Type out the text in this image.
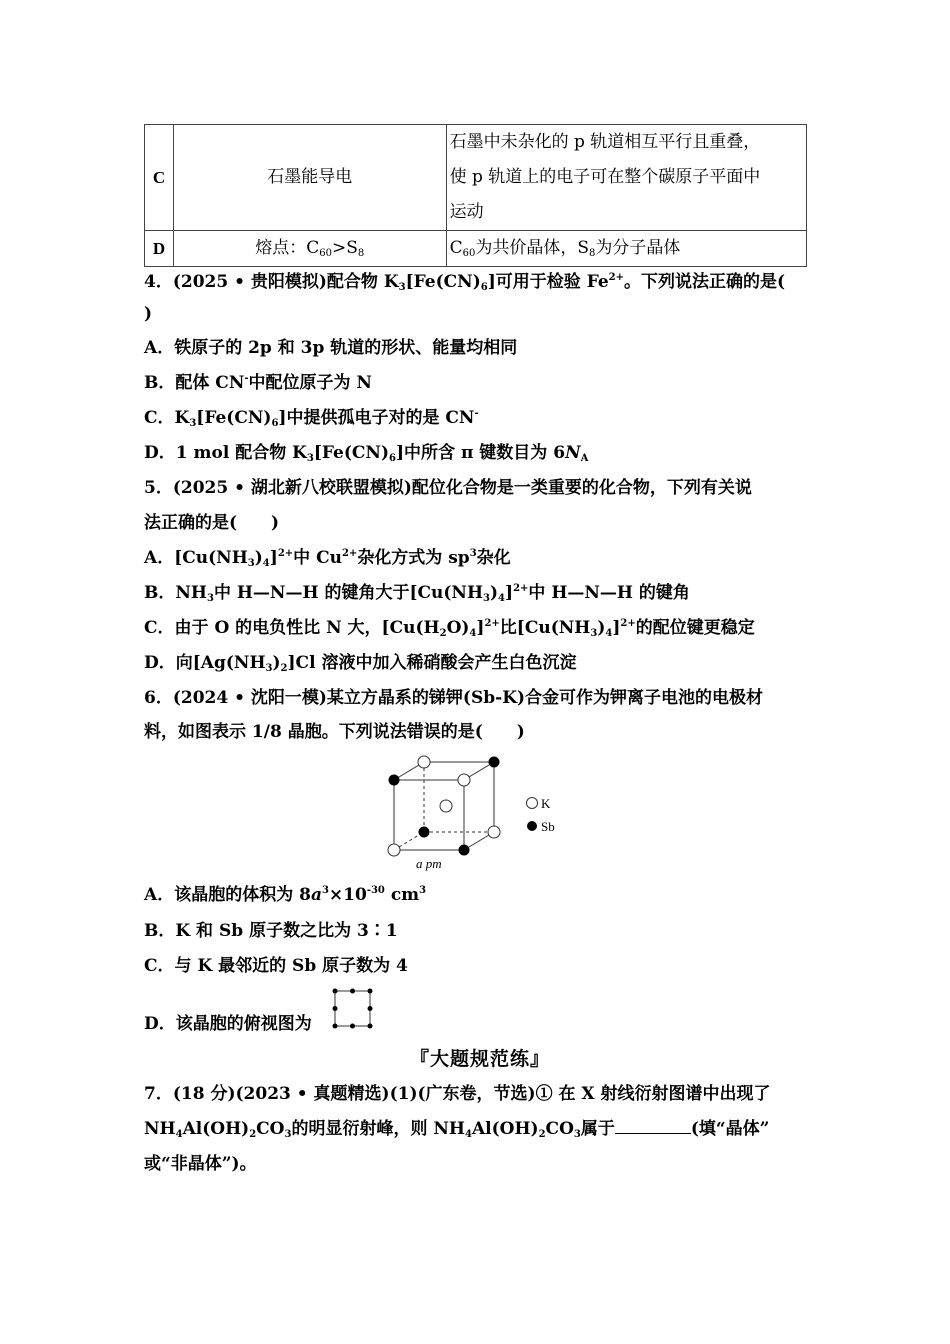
C	石墨能导电	石墨中未杂化的 p 轨道相互平行且重叠，
使 p 轨道上的电子可在整个碳原子平面中
运动

D	熔点：$C_{60}>S_8$	$C_{60}$为共价晶体，$S_8$为分子晶体
4．(2025 • 贵阳模拟)配合物 $K_3[Fe(CN)_6]$可用于检验 $Fe^{2+}$。下列说法正确的是(
)
A．铁原子的 2p 和 3p 轨道的形状、能量均相同
B．配体 CN-中配位原子为 N
C．$K_3[Fe(CN)_6]$中提供孤电子对的是 CN-
D．1 mol 配合物 $K_3[Fe(CN)_6]$中所含 π 键数目为 $6N_A$
5．(2025 • 湖北新八校联盟模拟)配位化合物是一类重要的化合物，下列有关说
法正确的是(　　)
A．$[Cu(NH_3)_4]^{2+}$中 $Cu^{2+}$杂化方式为 $sp^3$杂化
B．$NH_3$中 H—N—H 的键角大于$[Cu(NH_3)_4]^{2+}$中 H—N—H 的键角
C．由于 O 的电负性比 N 大，$[Cu(H_2O)_4]^{2+}$比$[Cu(NH_3)_4]^{2+}$的配位键更稳定
D．向$[Ag(NH_3)_2]Cl$ 溶液中加入稀硝酸会产生白色沉淀
6．(2024 • 沈阳一模)某立方晶系的锑钾(Sb-K)合金可作为钾离子电池的电极材
料，如图表示 1/8 晶胞。下列说法错误的是(　　)
K
Sb
a pm
A．该晶胞的体积为 $8a^3\times 10^{-30}$ $cm^3$
B．K 和 Sb 原子数之比为 3∶1
C．与 K 最邻近的 Sb 原子数为 4
D．该晶胞的俯视图为
『大题规范练』
7．(18 分)(2023 • 真题精选)(1)(广东卷，节选)① 在 X 射线衍射图谱中出现了
$NH_4Al(OH)_2CO_3$的明显衍射峰，则 $NH_4Al(OH)_2CO_3$属于	(填“晶体”
或“非晶体”)。
